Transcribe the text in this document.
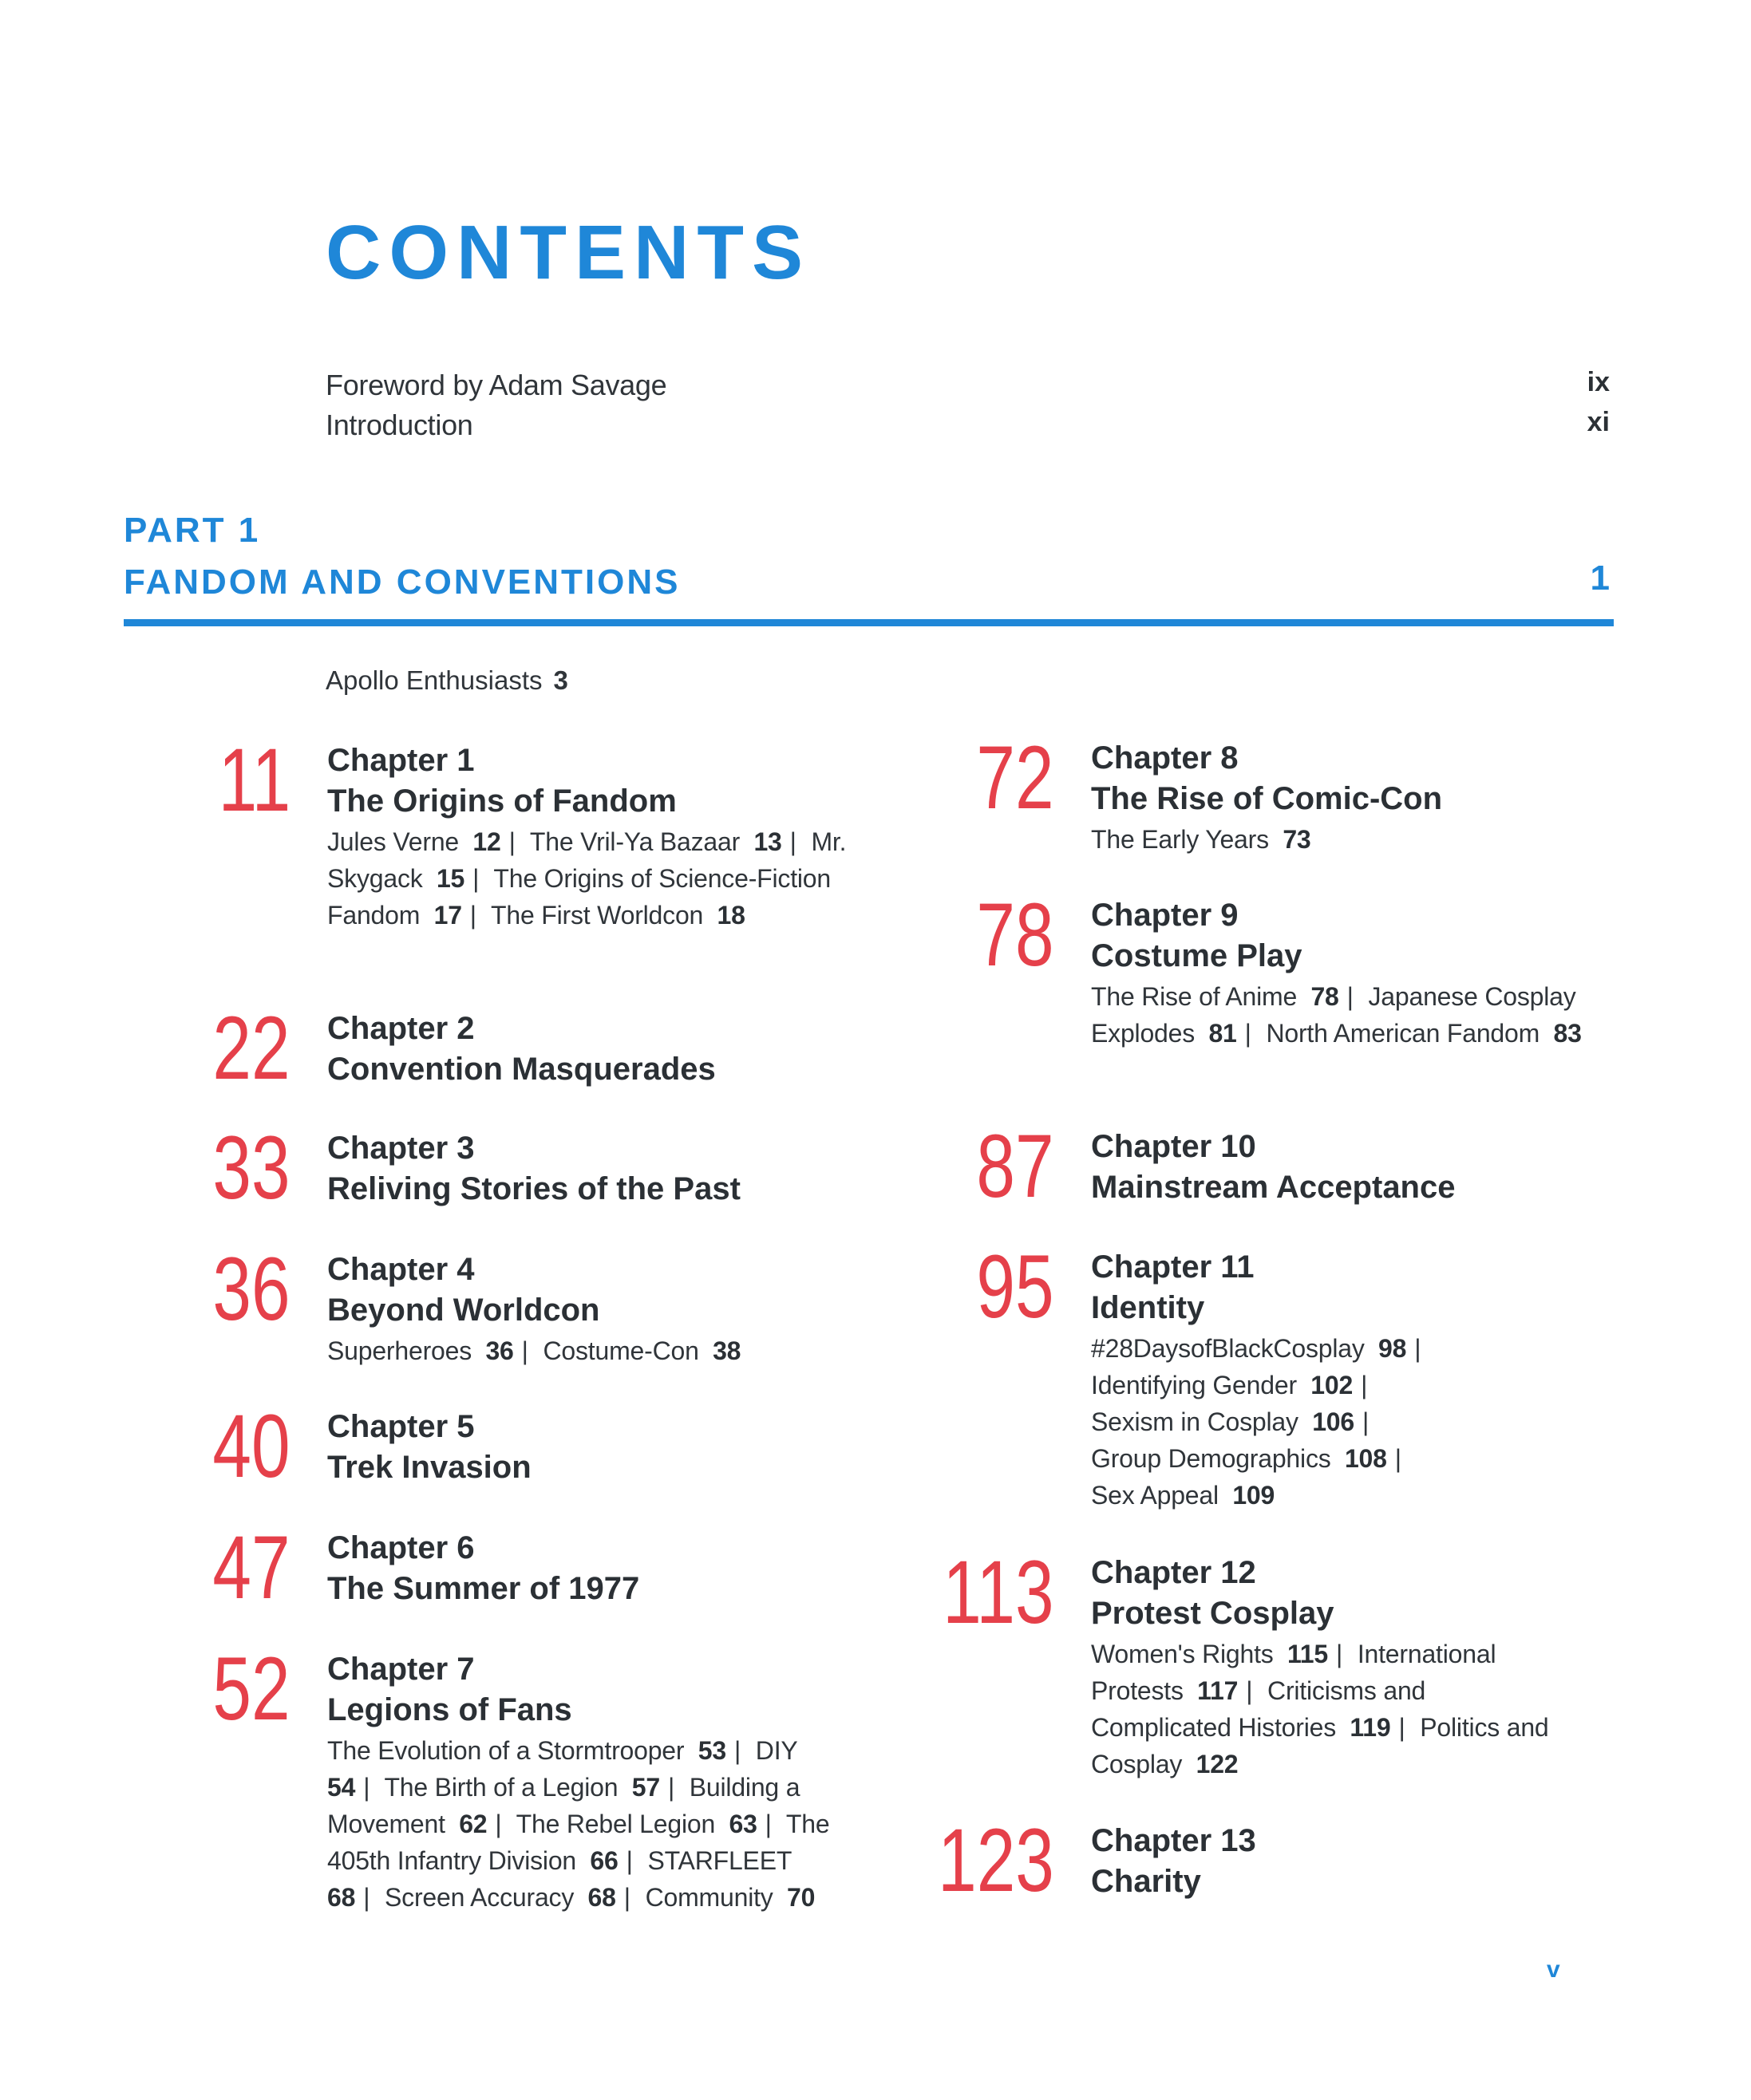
CONTENTS
Foreword by Adam Savage	ix
Introduction	xi
PART 1
FANDOM AND CONVENTIONS	1
Apollo Enthusiasts 3
11 Chapter 1
The Origins of Fandom
Jules Verne 12 | The Vril-Ya Bazaar 13 | Mr. Skygack 15 | The Origins of Science-Fiction Fandom 17 | The First Worldcon 18
22 Chapter 2
Convention Masquerades
33 Chapter 3
Reliving Stories of the Past
36 Chapter 4
Beyond Worldcon
Superheroes 36 | Costume-Con 38
40 Chapter 5
Trek Invasion
47 Chapter 6
The Summer of 1977
52 Chapter 7
Legions of Fans
The Evolution of a Stormtrooper 53 | DIY  54 | The Birth of a Legion 57 | Building a Movement 62 | The Rebel Legion 63 | The 405th Infantry Division 66 | STARFLEET  68 | Screen Accuracy 68 | Community 70
72 Chapter 8
The Rise of Comic-Con
The Early Years 73
78 Chapter 9
Costume Play
The Rise of Anime 78 | Japanese Cosplay Explodes 81 | North American Fandom 83
87 Chapter 10
Mainstream Acceptance
95 Chapter 11
Identity
#28DaysofBlackCosplay 98 |
Identifying Gender 102 |
Sexism in Cosplay 106 |
Group Demographics 108 |
Sex Appeal 109
113 Chapter 12
Protest Cosplay
Women's Rights 115 | International Protests 117 | Criticisms and Complicated Histories 119 | Politics and Cosplay 122
123 Chapter 13
Charity
v
